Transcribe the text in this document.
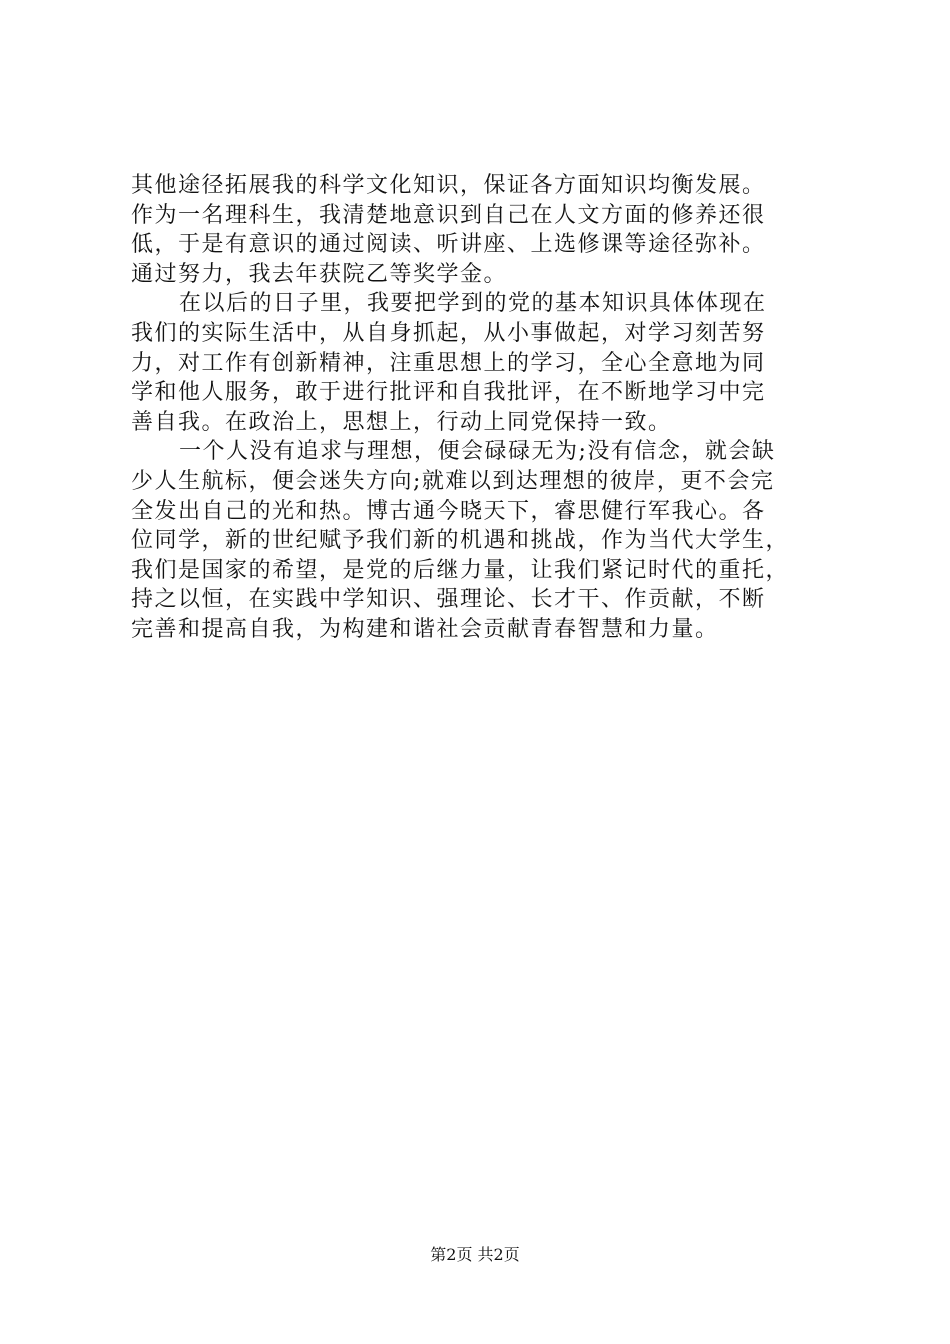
其他途径拓展我的科学文化知识，保证各方面知识均衡发展。
作为一名理科生，我清楚地意识到自己在人文方面的修养还很
低，于是有意识的通过阅读、听讲座、上选修课等途径弥补。
通过努力，我去年获院乙等奖学金。
在以后的日子里，我要把学到的党的基本知识具体体现在
我们的实际生活中，从自身抓起，从小事做起，对学习刻苦努
力，对工作有创新精神，注重思想上的学习，全心全意地为同
学和他人服务，敢于进行批评和自我批评，在不断地学习中完
善自我。在政治上，思想上，行动上同党保持一致。
一个人没有追求与理想，便会碌碌无为;没有信念，就会缺
少人生航标，便会迷失方向;就难以到达理想的彼岸，更不会完
全发出自己的光和热。博古通今晓天下，睿思健行军我心。各
位同学，新的世纪赋予我们新的机遇和挑战，作为当代大学生，
我们是国家的希望，是党的后继力量，让我们紧记时代的重托，
持之以恒，在实践中学知识、强理论、长才干、作贡献，不断
完善和提高自我，为构建和谐社会贡献青春智慧和力量。
第2页 共2页
